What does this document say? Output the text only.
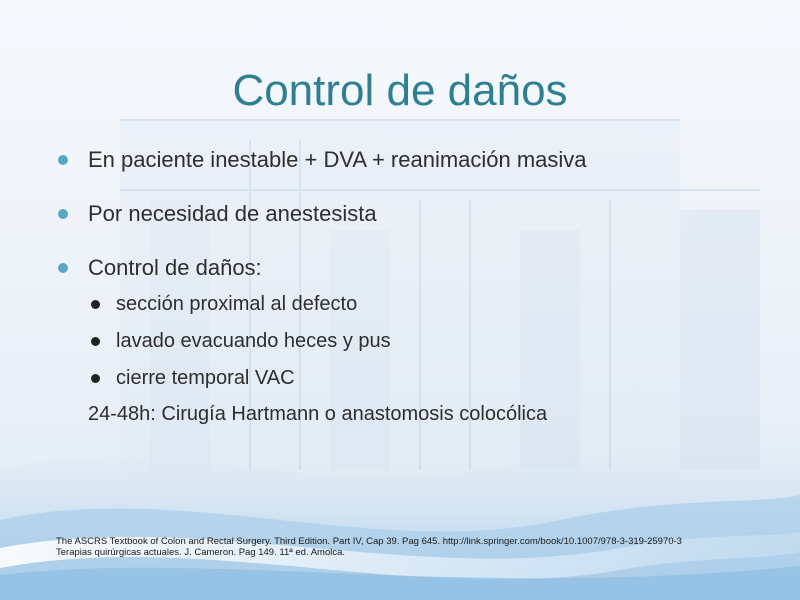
Control de daños
En paciente inestable + DVA + reanimación masiva
Por necesidad de anestesista
Control de daños:
sección proximal al defecto
lavado evacuando heces y pus
cierre temporal VAC
24-48h: Cirugía Hartmann o anastomosis colocólica
The ASCRS Textbook of Colon and Rectal Surgery. Third Edition. Part IV, Cap 39. Pag 645. http://link.springer.com/book/10.1007/978-3-319-25970-3
Terapias quirúrgicas actuales. J. Cameron. Pag 149. 11ª ed. Amolca.
